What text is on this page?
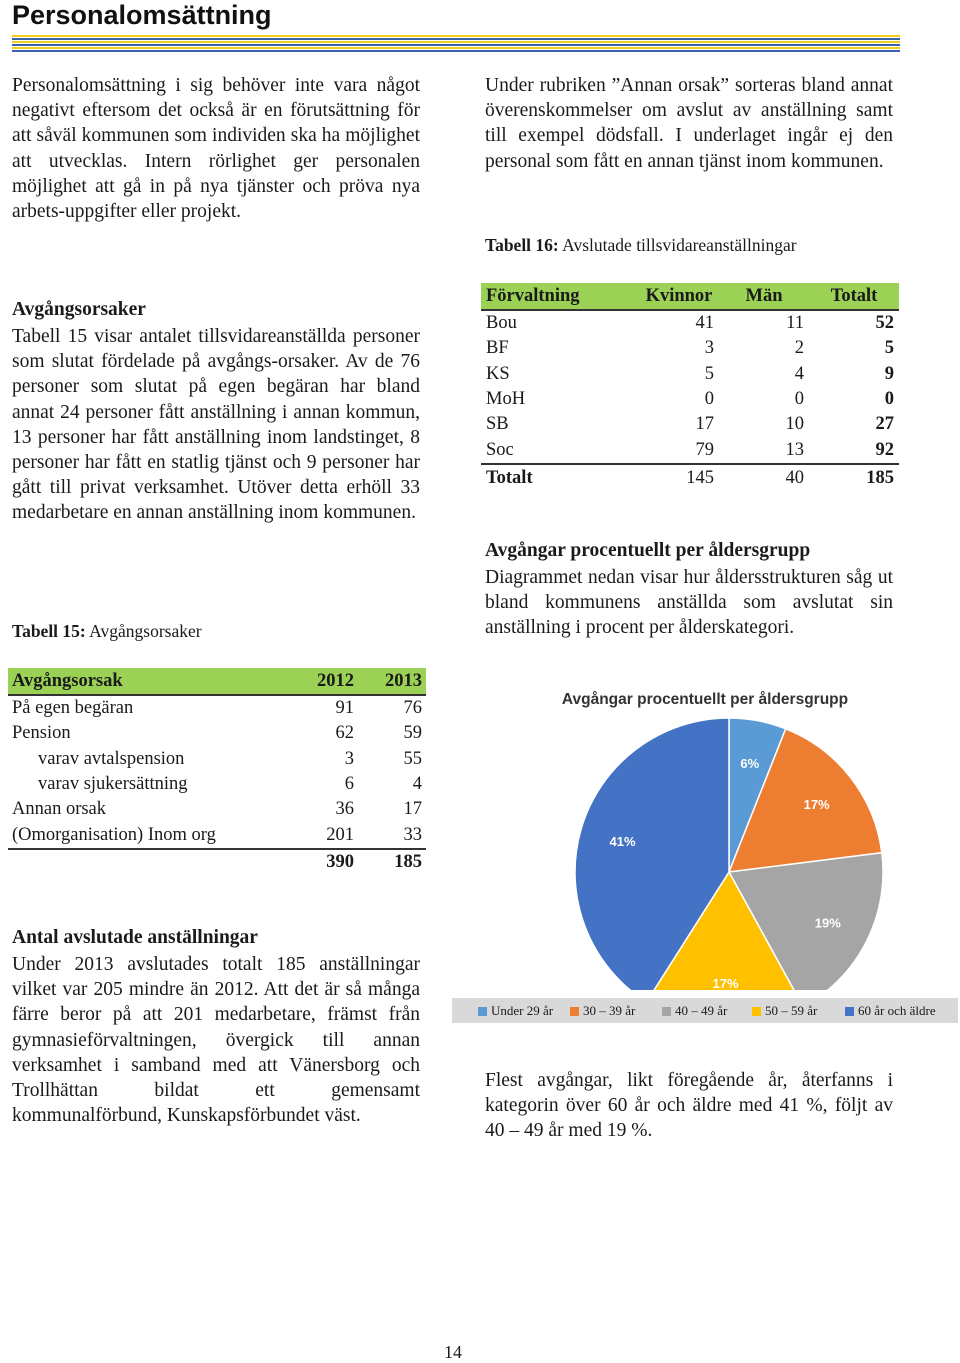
Personalomsättning

Personalomsättning i sig behöver inte vara något negativt eftersom det också är en förutsättning för att såväl kommunen som individen ska ha möjlighet att utvecklas. Intern rörlighet ger personalen möjlighet att gå in på nya tjänster och pröva nya arbets-uppgifter eller projekt.

Avgångsorsaker

Tabell 15 visar antalet tillsvidareanställda personer som slutat fördelade på avgångs-orsaker. Av de 76 personer som slutat på egen begäran har bland annat 24 personer fått anställning i annan kommun, 13 personer har fått anställning inom landstinget, 8 personer har fått en statlig tjänst och 9 personer har gått till privat verksamhet. Utöver detta erhöll 33 medarbetare en annan anställning inom kommunen.

Tabell 15: Avgångsorsaker

Avgångsorsak	2012	2013
På egen begäran	91	76
Pension	62	59
varav avtalspension	3	55
varav sjukersättning	6	4
Annan orsak	36	17
(Omorganisation) Inom org	201	33
	390	185

Antal avslutade anställningar

Under 2013 avslutades totalt 185 anställningar vilket var 205 mindre än 2012. Att det är så många färre beror på att 201 medarbetare, främst från gymnasieförvaltningen, övergick till annan verksamhet i samband med att Vänersborg och Trollhättan bildat ett gemensamt kommunalförbund, Kunskapsförbundet väst.

Under rubriken ”Annan orsak” sorteras bland annat överenskommelser om avslut av anställning samt till exempel dödsfall. I underlaget ingår ej den personal som fått en annan tjänst inom kommunen.

Tabell 16: Avslutade tillsvidareanställningar

Förvaltning	Kvinnor	Män	Totalt
Bou	41	11	52
BF	3	2	5
KS	5	4	9
MoH	0	0	0
SB	17	10	27
Soc	79	13	92
Totalt	145	40	185

Avgångar procentuellt per åldersgrupp

Diagrammet nedan visar hur åldersstrukturen såg ut bland kommunens anställda som avslutat sin anställning i procent per ålderskategori.

Avgångar procentuellt per åldersgrupp
6%
17%
19%
17%
41%
Under 29 år 30 – 39 år	40 – 49 år	50 – 59 år	60 år och äldre

Flest avgångar, likt föregående år, återfanns i kategorin över 60 år och äldre med 41 %, följt av 40 – 49 år med 19 %.

14
